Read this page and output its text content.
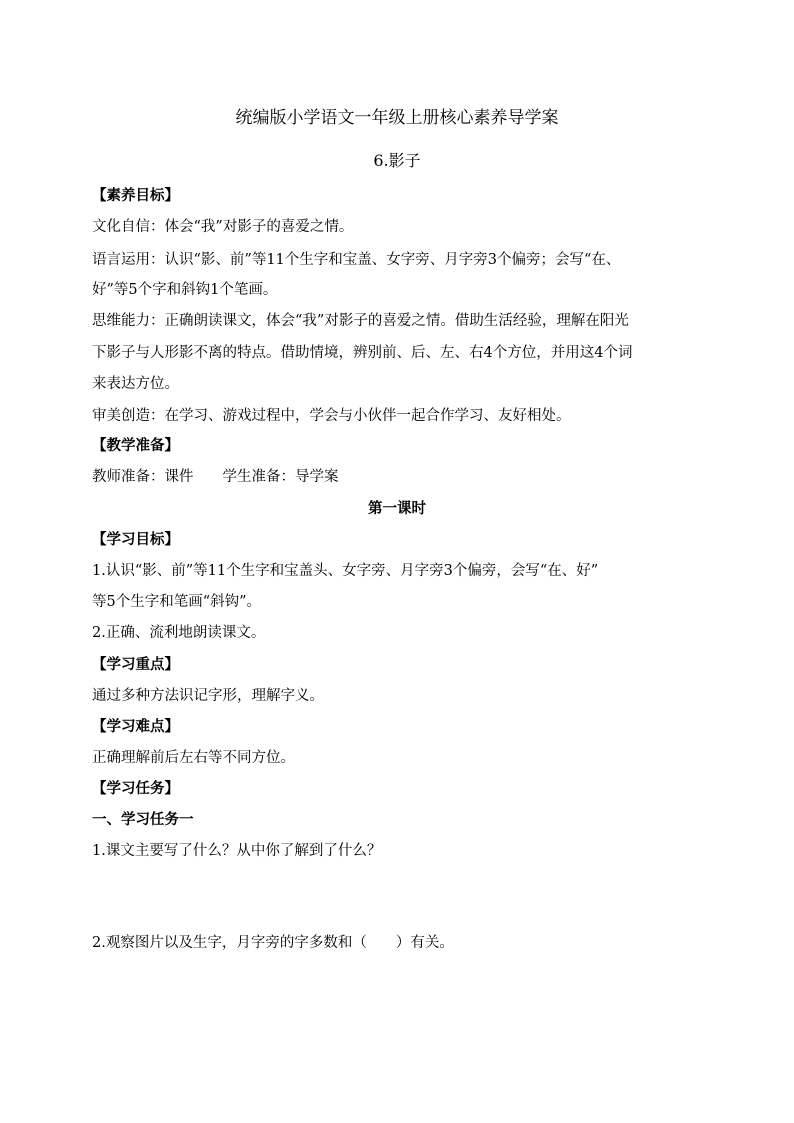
统编版小学语文一年级上册核心素养导学案
6.影子
【素养目标】
文化自信：体会“我”对影子的喜爱之情。
语言运用：认识“影、前”等11个生字和宝盖、女字旁、月字旁3个偏旁；会写“在、
好”等5个字和斜钩1个笔画。
思维能力：正确朗读课文，体会“我”对影子的喜爱之情。借助生活经验，理解在阳光
下影子与人形影不离的特点。借助情境，辨别前、后、左、右4个方位，并用这4个词
来表达方位。
审美创造：在学习、游戏过程中，学会与小伙伴一起合作学习、友好相处。
【教学准备】
教师准备：课件　　学生准备：导学案
第一课时
【学习目标】
1.认识“影、前”等11个生字和宝盖头、女字旁、月字旁3个偏旁，会写“在、好”
等5个生字和笔画“斜钩”。
2.正确、流利地朗读课文。
【学习重点】
通过多种方法识记字形，理解字义。
【学习难点】
正确理解前后左右等不同方位。
【学习任务】
一、学习任务一
1.课文主要写了什么？从中你了解到了什么？
2.观察图片以及生字，月字旁的字多数和（　　）有关。
